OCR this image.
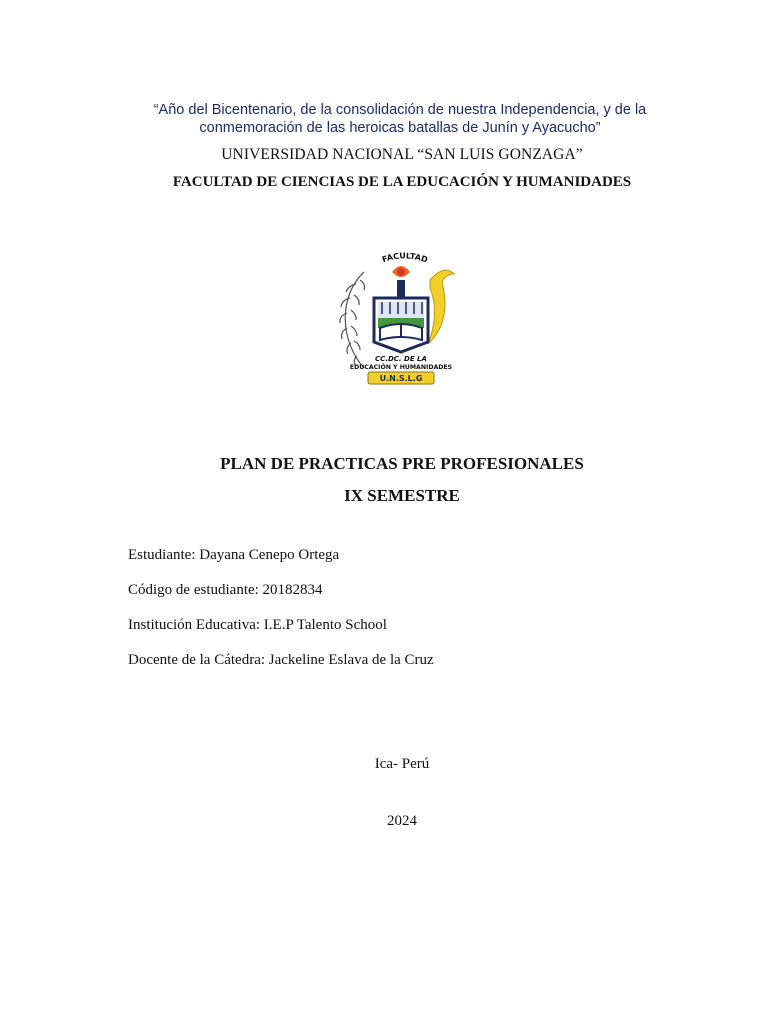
“Año del Bicentenario, de la consolidación de nuestra Independencia, y de la conmemoración de las heroicas batallas de Junín y Ayacucho”
UNIVERSIDAD NACIONAL “SAN LUIS GONZAGA”
FACULTAD DE CIENCIAS DE LA EDUCACIÓN Y HUMANIDADES
FACULTAD
CC.DC. DE LA
EDUCACIÓN Y HUMANIDADES
U.N.S.L.G
PLAN DE PRACTICAS PRE PROFESIONALES
IX SEMESTRE
Estudiante: Dayana Cenepo Ortega
Código de estudiante: 20182834
Institución Educativa: I.E.P Talento School
Docente de la Cátedra: Jackeline Eslava de la Cruz
Ica- Perú
2024
